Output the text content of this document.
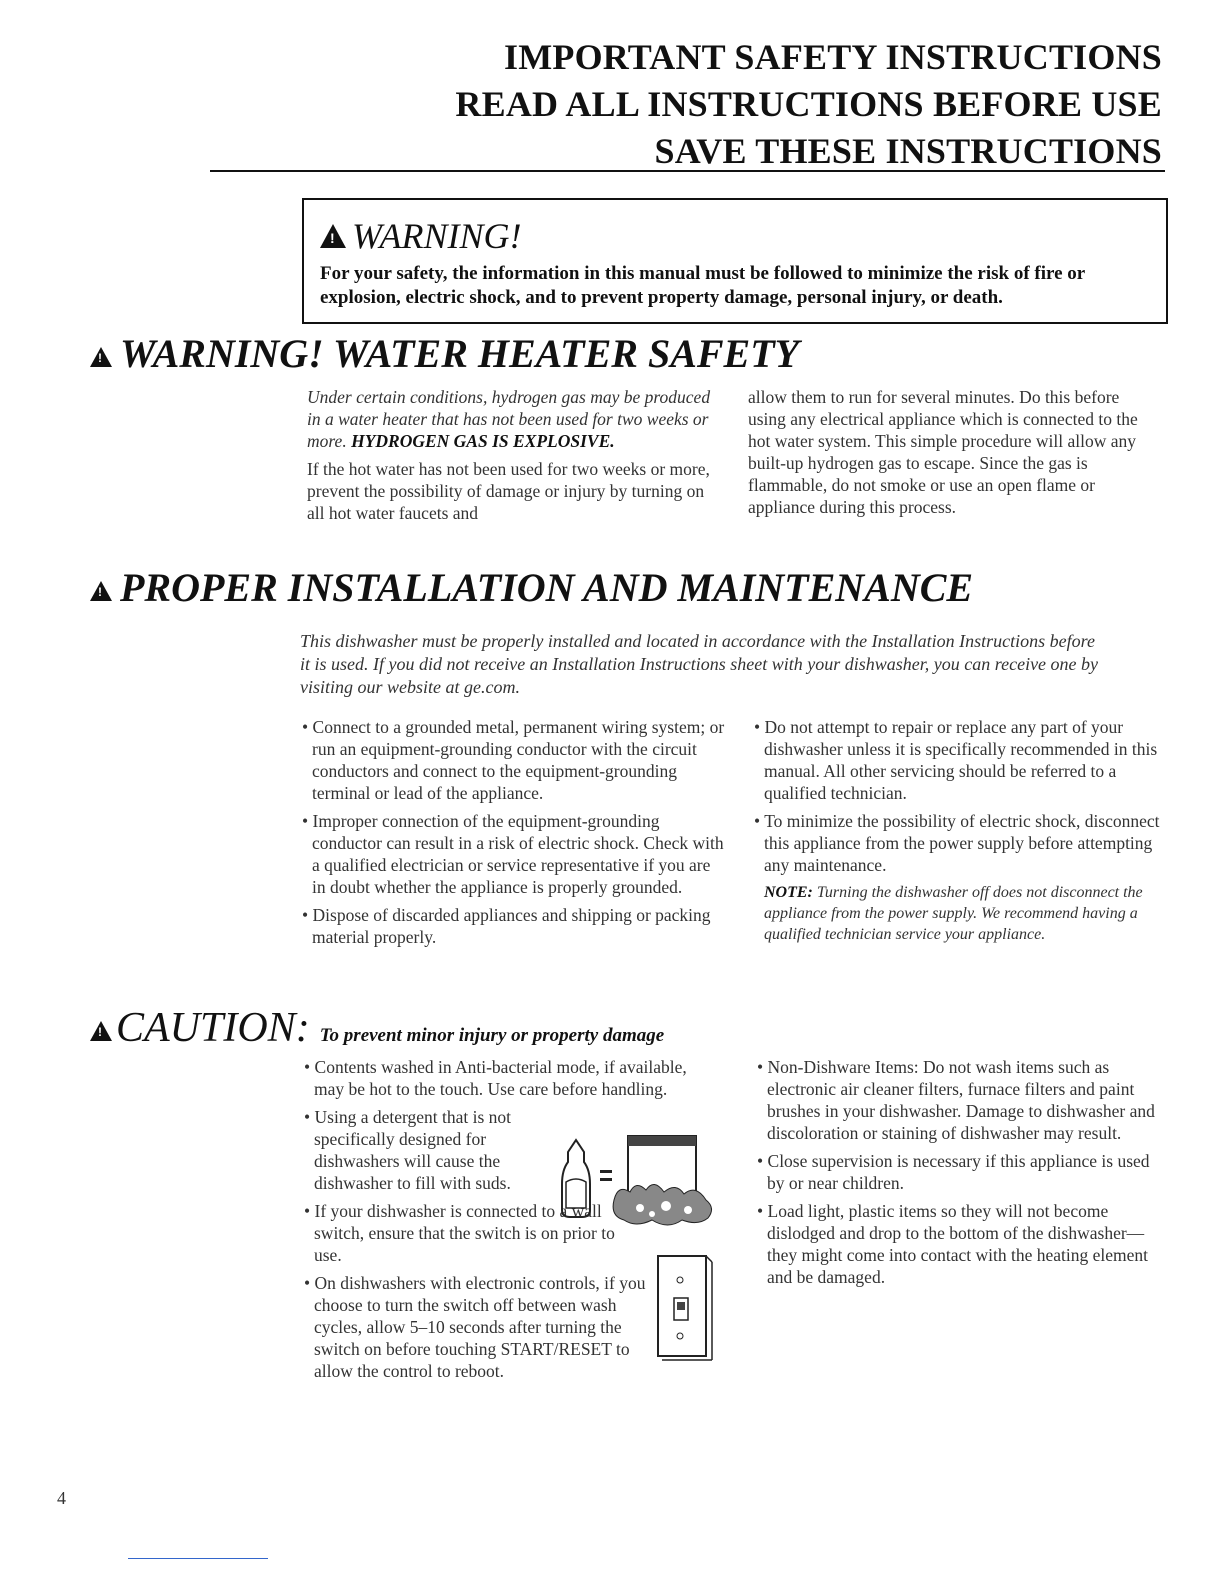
IMPORTANT SAFETY INSTRUCTIONS
READ ALL INSTRUCTIONS BEFORE USE
SAVE THESE INSTRUCTIONS
!WARNING!
For your safety, the information in this manual must be followed to minimize the risk of fire or explosion, electric shock, and to prevent property damage, personal injury, or death.
!WARNING! WATER HEATER SAFETY

Under certain conditions, hydrogen gas may be produced in a water heater that has not been used for two weeks or more. HYDROGEN GAS IS EXPLOSIVE.

If the hot water has not been used for two weeks or more, prevent the possibility of damage or injury by turning on all hot water faucets and

allow them to run for several minutes. Do this before using any electrical appliance which is connected to the hot water system. This simple procedure will allow any built-up hydrogen gas to escape. Since the gas is flammable, do not smoke or use an open flame or appliance during this process.

!PROPER INSTALLATION AND MAINTENANCE
This dishwasher must be properly installed and located in accordance with the Installation Instructions before it is used. If you did not receive an Installation Instructions sheet with your dishwasher, you can receive one by visiting our website at ge.com.

• Connect to a grounded metal, permanent wiring system; or run an equipment-grounding conductor with the circuit conductors and connect to the equipment-grounding terminal or lead of the appliance.

• Improper connection of the equipment-grounding conductor can result in a risk of electric shock. Check with a qualified electrician or service representative if you are in doubt whether the appliance is properly grounded.

• Dispose of discarded appliances and shipping or packing material properly.

• Do not attempt to repair or replace any part of your dishwasher unless it is specifically recommended in this manual. All other servicing should be referred to a qualified technician.

• To minimize the possibility of electric shock, disconnect this appliance from the power supply before attempting any maintenance.

NOTE: Turning the dishwasher off does not disconnect the appliance from the power supply. We recommend having a qualified technician service your appliance.

! CAUTION: To prevent minor injury or property damage

• Contents washed in Anti-bacterial mode, if available, may be hot to the touch. Use care before handling.

• Using a detergent that is not specifically designed for dishwashers will cause the dishwasher to fill with suds.

• If your dishwasher is connected to a wall switch, ensure that the switch is on prior to use.

• On dishwashers with electronic controls, if you choose to turn the switch off between wash cycles, allow 5–10 seconds after turning the switch on before touching START/RESET to allow the control to reboot.

• Non-Dishware Items: Do not wash items such as electronic air cleaner filters, furnace filters and paint brushes in your dishwasher. Damage to dishwasher and discoloration or staining of dishwasher may result.

• Close supervision is necessary if this appliance is used by or near children.

• Load light, plastic items so they will not become dislodged and drop to the bottom of the dishwasher—they might come into contact with the heating element and be damaged.

4
